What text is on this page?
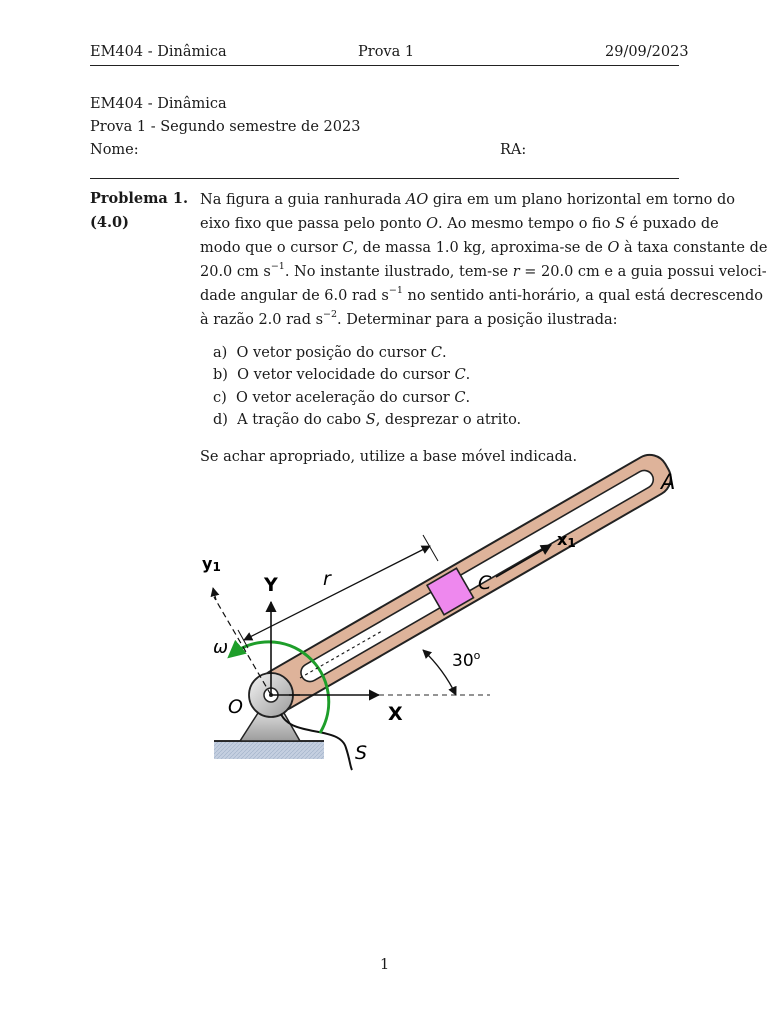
EM404 - Dinâmica	Prova 1	29/09/2023
EM404 - Dinâmica
Prova 1 - Segundo semestre de 2023
Nome:	RA:
Problema 1.
(4.0)
Na figura a guia ranhurada AO gira em um plano horizontal em torno do
eixo fixo que passa pelo ponto O. Ao mesmo tempo o fio S é puxado de
modo que o cursor C, de massa 1.0 kg, aproxima-se de O à taxa constante de
20.0 cm $s^{-1}$. No instante ilustrado, tem-se r = 20.0 cm e a guia possui veloci-
dade angular de 6.0 rad $s^{-1}$ no sentido anti-horário, a qual está decrescendo
à razão 2.0 rad $s^{-2}$. Determinar para a posição ilustrada:
a) O vetor posição do cursor C.
b) O vetor velocidade do cursor C.
c) O vetor aceleração do cursor C.
d) A tração do cabo S, desprezar o atrito.
Se achar apropriado, utilize a base móvel indicada.
A
C
O
S
r
ω
X
Y
x1
y1
30$^o$
1
